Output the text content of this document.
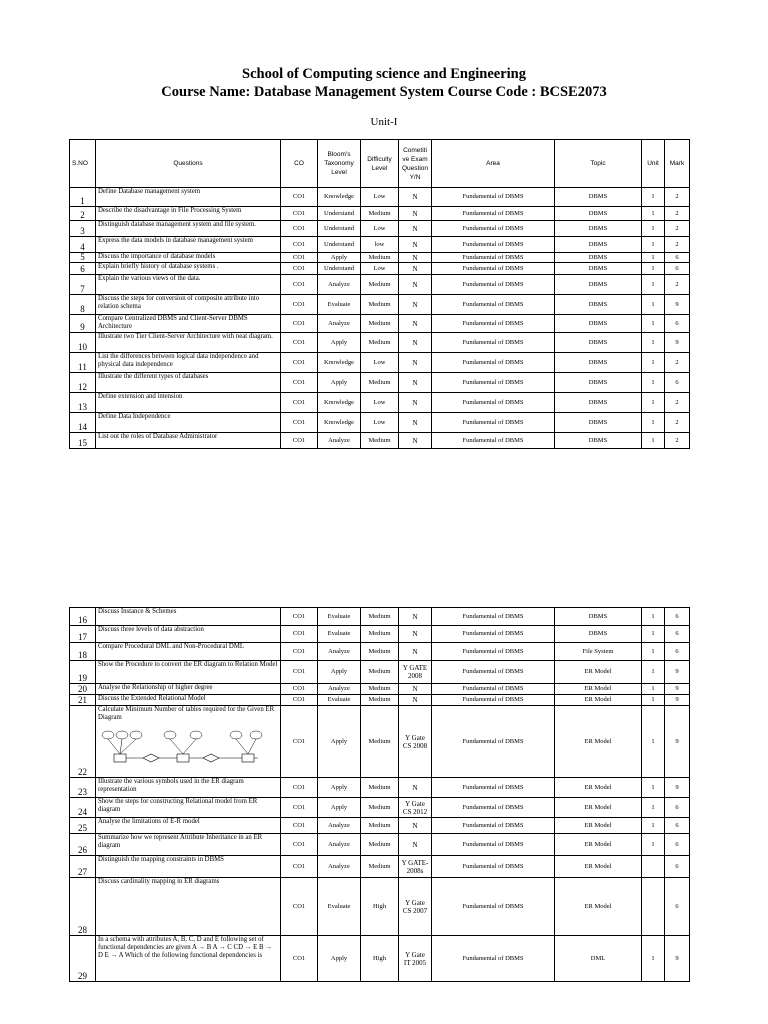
School of Computing science and Engineering
Course Name: Database Management System Course Code : BCSE2073
Unit-I
S.NO	Questions	CO	Bloom's Taxonomy Level	Difficulty Level	Cometiti ve Exam Question Y/N	Area	Topic	Unit	Mark
1	Define Database management system	CO1	Knowledge	Low	N	Fundamental of DBMS	DBMS	1	2
2	Describe the disadvantage in File Processing System	CO1	Understand	Medium	N	Fundamental of DBMS	DBMS	1	2
3	Distinguish database management system and file system.	CO1	Understand	Low	N	Fundamental of DBMS	DBMS	1	2
4	Express the data models in database management system	CO1	Understand	low	N	Fundamental of DBMS	DBMS	1	2
5	Discuss the importance of database models	CO1	Apply	Medium	N	Fundamental of DBMS	DBMS	1	6
6	Explain briefly history of database systems .	CO1	Understand	Low	N	Fundamental of DBMS	DBMS	1	6
7	Explain the various views of the data.	CO1	Analyze	Medium	N	Fundamental of DBMS	DBMS	1	2
8	Discuss the steps for conversion of composite attribute into relation schema	CO1	Evaluate	Medium	N	Fundamental of DBMS	DBMS	1	9
9	Compare Centralized DBMS and Client-Server DBMS Architecture	CO1	Analyze	Medium	N	Fundamental of DBMS	DBMS	1	6
10	Illustrate two Tier Client-Server Architecture with neat diagram.	CO1	Apply	Medium	N	Fundamental of DBMS	DBMS	1	9
11	List the differences between logical data independence and physical data independence	CO1	Knowledge	Low	N	Fundamental of DBMS	DBMS	1	2
12	Illustrate the different types of databases	CO1	Apply	Medium	N	Fundamental of DBMS	DBMS	1	6
13	Define extension and intension	CO1	Knowledge	Low	N	Fundamental of DBMS	DBMS	1	2
14	Define Data Independence	CO1	Knowledge	Low	N	Fundamental of DBMS	DBMS	1	2
15	List out the roles of Database Administrator	CO1	Analyze	Medium	N	Fundamental of DBMS	DBMS	1	2
16	Discuss Instance & Schemes	CO1	Evaluate	Medium	N	Fundamental of DBMS	DBMS	1	6
17	Discuss three levels of data abstraction	CO1	Evaluate	Medium	N	Fundamental of DBMS	DBMS	1	6
18	Compare Procedural DML and Non-Procedural DML	CO1	Analyze	Medium	N	Fundamental of DBMS	File System	1	6
19	Show the Procedure to convert the ER diagram to Relation Model	CO1	Apply	Medium	Y GATE 2008	Fundamental of DBMS	ER Model	1	9
20	Analyse the Relationship of higher degree	CO1	Analyze	Medium	N	Fundamental of DBMS	ER Model	1	9
21	Discuss the Extended Relational Model	CO1	Evaluate	Medium	N	Fundamental of DBMS	ER Model	1	9
22	Calculate Minimum Number of tables required for the Given ER Diagram	CO1	Apply	Medium	Y Gate CS 2008	Fundamental of DBMS	ER Model	1	9
23	Illustrate the various symbols used in the ER diagram representation	CO1	Apply	Medium	N	Fundamental of DBMS	ER Model	1	9
24	Show the steps for constructing Relational model from ER diagram	CO1	Apply	Medium	Y Gate CS 2012	Fundamental of DBMS	ER Model	1	6
25	Analyse the limitations of E-R model	CO1	Analyze	Medium	N	Fundamental of DBMS	ER Model	1	6
26	Summarize how we represent Attribute Inheritance in an ER diagram	CO1	Analyze	Medium	N	Fundamental of DBMS	ER Model	1	6
27	Distinguish the mapping constraints in DBMS	CO1	Analyze	Medium	Y GATE-2008s	Fundamental of DBMS	ER Model		6
28	Discuss cardinality mapping in ER diagrams	CO1	Evaluate	High	Y Gate CS 2007	Fundamental of DBMS	ER Model		6
29	In a schema with attributes A, B, C, D and E following set of functional dependencies are given A → B A → C CD → E B → D E → A Which of the following functional dependencies is	CO1	Apply	High	Y Gate IT 2005	Fundamental of DBMS	DML	1	9
